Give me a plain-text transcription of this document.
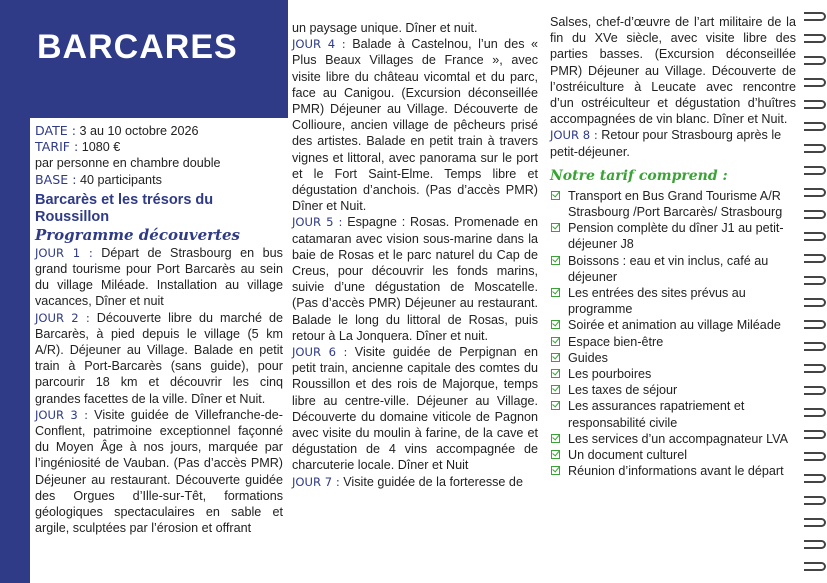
BARCARES

DATE : 3 au 10 octobre 2026

TARIF : 1080 €

par personne en chambre double

BASE : 40 participants

Barcarès et les trésors du Roussillon
Programme découvertes

JOUR 1 : Départ de Strasbourg en bus grand tourisme pour Port Barcarès au sein du village Miléade. Installation au village vacances, Dîner et nuit

JOUR 2 : Découverte libre du marché de Barcarès, à pied depuis le village (5 km A/R). Déjeuner au Village. Balade en petit train à Port-Barcarès (sans guide), pour parcourir 18 km et découvrir les cinq grandes facettes de la ville. Dîner et Nuit.

JOUR 3 : Visite guidée de Villefranche-de-Conflent, patrimoine exceptionnel façonné du Moyen Âge à nos jours, marquée par l’ingéniosité de Vauban. (Pas d’accès PMR) Déjeuner au restaurant. Découverte guidée des Orgues d’Ille-sur-Têt, formations géologiques spectaculaires en sable et argile, sculptées par l’érosion et offrant

un paysage unique. Dîner et nuit.

JOUR 4 : Balade à Castelnou, l’un des « Plus Beaux Villages de France », avec visite libre du château vicomtal et du parc, face au Canigou. (Excursion déconseillée PMR) Déjeuner au Village. Découverte de Collioure, ancien village de pêcheurs prisé des artistes. Balade en petit train à travers vignes et littoral, avec panorama sur le port et le Fort Saint-Elme. Temps libre et dégustation d’anchois. (Pas d’accès PMR) Dîner et Nuit.

JOUR 5 : Espagne : Rosas. Promenade en catamaran avec vision sous-marine dans la baie de Rosas et le parc naturel du Cap de Creus, pour découvrir les fonds marins, suivie d’une dégustation de Moscatelle. (Pas d’accès PMR) Déjeuner au restaurant. Balade le long du littoral de Rosas, puis retour à La Jonquera. Dîner et nuit.

JOUR 6 : Visite guidée de Perpignan en petit train, ancienne capitale des comtes du Roussillon et des rois de Majorque, temps libre au centre-ville. Déjeuner au Village. Découverte du domaine viticole de Pagnon avec visite du moulin à farine, de la cave et dégustation de 4 vins accompagnée de charcuterie locale. Dîner et Nuit

JOUR 7 : Visite guidée de la forteresse de

Salses, chef-d’œuvre de l’art militaire de la fin du XVe siècle, avec visite libre des parties basses. (Excursion déconseillée PMR) Déjeuner au Village. Découverte de l’ostréiculture à Leucate avec rencontre d’un ostréiculteur et dégustation d’huîtres accompagnées de vin blanc. Dîner et Nuit.

JOUR 8 : Retour pour Strasbourg après le petit-déjeuner.

Notre tarif comprend :
Transport en Bus Grand Tourisme A/R Strasbourg /Port Barcarès/ Strasbourg
Pension complète du dîner J1 au petit-déjeuner J8
Boissons : eau et vin inclus, café au déjeuner
Les entrées des sites prévus au programme
Soirée et animation au village Miléade
Espace bien-être
Guides
Les pourboires
Les taxes de séjour
Les assurances rapatriement et responsabilité civile
Les services d’un accompagnateur LVA
Un document culturel
Réunion d’informations avant le départ
